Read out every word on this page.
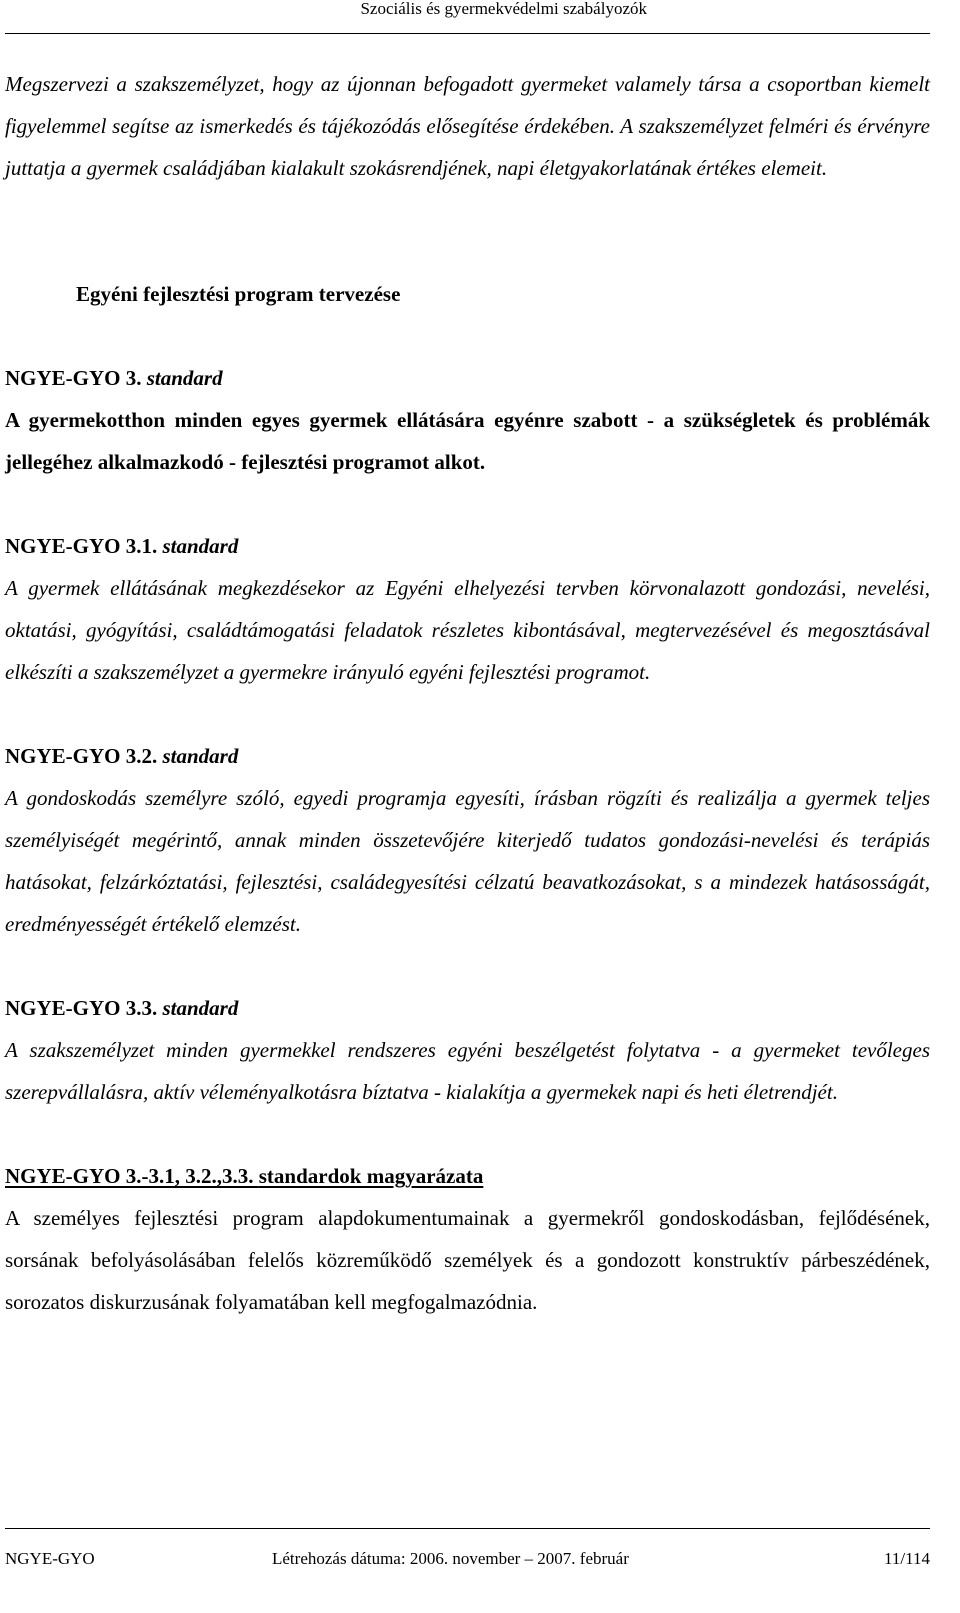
Szociális és gyermekvédelmi szabályozók

Megszervezi a szakszemélyzet, hogy az újonnan befogadott gyermeket valamely társa a csoportban kiemelt figyelemmel segítse az ismerkedés és tájékozódás elősegítése érdekében. A szakszemélyzet felméri és érvényre juttatja a gyermek családjában kialakult szokásrendjének, napi életgyakorlatának értékes elemeit.

Egyéni fejlesztési program tervezése

NGYE-GYO 3. standard

A gyermekotthon minden egyes gyermek ellátására egyénre szabott - a szükségletek és problémák jellegéhez alkalmazkodó - fejlesztési programot alkot.

NGYE-GYO 3.1. standard

A gyermek ellátásának megkezdésekor az Egyéni elhelyezési tervben körvonalazott gondozási, nevelési, oktatási, gyógyítási, családtámogatási feladatok részletes kibontásával, megtervezésével és megosztásával elkészíti a szakszemélyzet a gyermekre irányuló egyéni fejlesztési programot.

NGYE-GYO 3.2. standard

A gondoskodás személyre szóló, egyedi programja egyesíti, írásban rögzíti és realizálja a gyermek teljes személyiségét megérintő, annak minden összetevőjére kiterjedő tudatos gondozási-nevelési és terápiás hatásokat, felzárkóztatási, fejlesztési, családegyesítési célzatú beavatkozásokat, s a mindezek hatásosságát, eredményességét értékelő elemzést.

NGYE-GYO 3.3. standard

A szakszemélyzet minden gyermekkel rendszeres egyéni beszélgetést folytatva - a gyermeket tevőleges szerepvállalásra, aktív véleményalkotásra bíztatva - kialakítja a gyermekek napi és heti életrendjét.

NGYE-GYO 3.-3.1, 3.2.,3.3. standardok magyarázata

A személyes fejlesztési program alapdokumentumainak a gyermekről gondoskodásban, fejlődésének, sorsának befolyásolásában felelős közreműködő személyek és a gondozott konstruktív párbeszédének, sorozatos diskurzusának folyamatában kell megfogalmazódnia.

NGYE-GYO	Létrehozás dátuma: 2006. november – 2007. február	11/114
